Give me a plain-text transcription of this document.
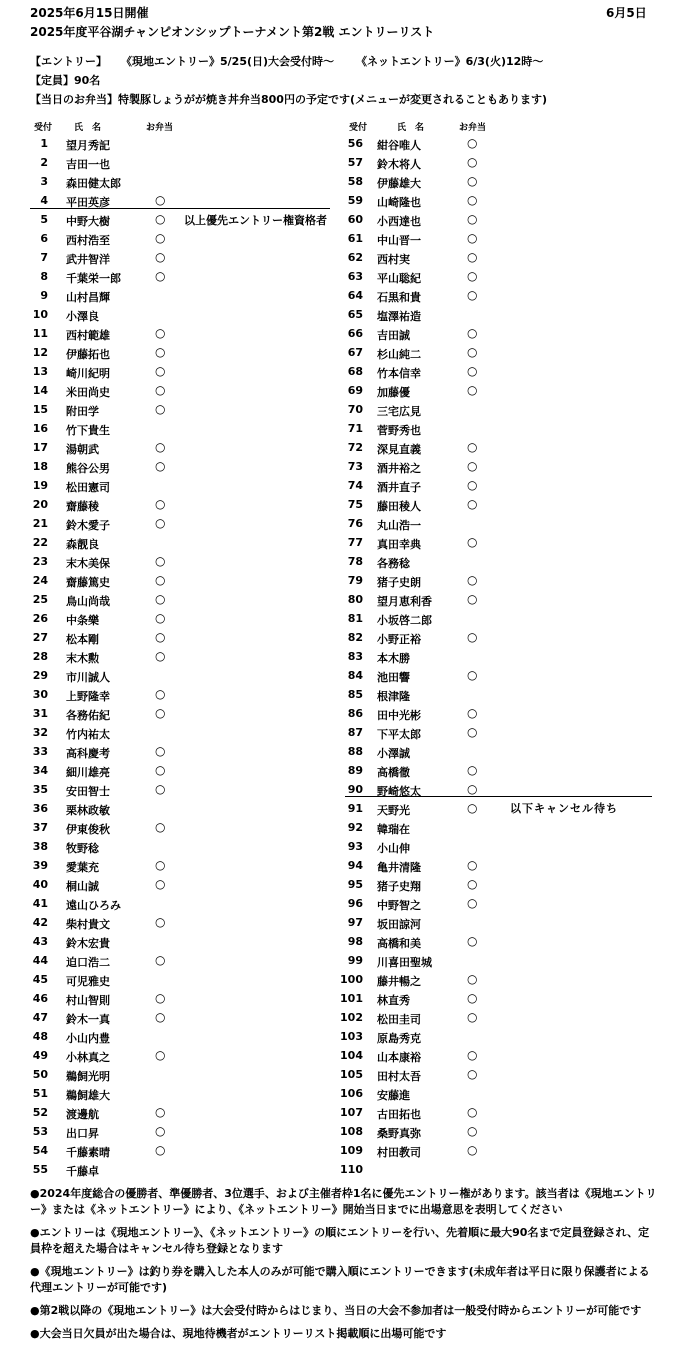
2025年6月15日開催	6月5日
2025年度平谷湖チャンピオンシップトーナメント第2戦 エントリーリスト
【エントリー】 《現地エントリー》5/25(日)大会受付時～ 《ネットエントリー》6/3(火)12時～
【定員】90名
【当日のお弁当】特製豚しょうがが焼き丼弁当800円の予定です(メニューが変更されることもあります)
受付 氏　名	お弁当	受付	氏　名	お弁当
1 望月秀記
2 吉田一也
3 森田健太郎
4 平田英彦	○
5 中野大樹	○
6 西村浩至	○
7 武井智洋	○
8 千葉栄一郎	○
9 山村昌輝
10 小澤良
11 西村範雄	○
12 伊藤拓也	○
13 崎川紀明	○
14 米田尚史	○
15 附田学	○
16 竹下貴生
17 湯朝武	○
18 熊谷公男	○
19 松田憲司
20 齋藤稜	○
21 鈴木愛子	○
22 森靓良
23 末木美保	○
24 齋藤篤史	○
25 鳥山尚哉	○
26 中条樂	○
27 松本剛	○
28 末木勲	○
29 市川誠人
30 上野隆幸	○
31 各務佑紀	○
32 竹内祐太
33 高科慶考	○
34 細川雄亮	○
35 安田智士	○
36 栗林政敏
37 伊東俊秋	○
38 牧野稔
39 愛葉充	○
40 桐山誠	○
41 遠山ひろみ
42 柴村貴文	○
43 鈴木宏貴
44 迫口浩二	○
45 可児雅史
46 村山智則	○
47 鈴木一真	○
48 小山内豊
49 小林真之	○
50 鵜飼光明
51 鵜飼雄大
52 渡邊航	○
53 出口昇	○
54 千藤素晴	○
55 千藤卓
56 紺谷唯人	○
57 鈴木将人	○
58 伊藤雄大	○
59 山崎隆也	○
60 小西達也	○
61 中山晋一	○
62 西村実	○
63 平山聡紀	○
64 石黒和貴	○
65 塩澤祐造
66 吉田誠	○
67 杉山純二	○
68 竹本信幸	○
69 加藤優	○
70 三宅広見
71 菅野秀也
72 深見直義	○
73 酒井裕之	○
74 酒井直子	○
75 藤田稜人	○
76 丸山浩一
77 真田幸典	○
78 各務稔
79 猪子史朗	○
80 望月恵利香	○
81 小坂啓二郎
82 小野正裕	○
83 本木勝
84 池田響	○
85 根津隆
86 田中光彬	○
87 下平太郎	○
88 小澤誠
89 高橋徹	○
90 野崎悠太	○
91 天野光	○
92 韓瑞在
93 小山伸
94 亀井清隆	○
95 猪子史翔	○
96 中野智之	○
97 坂田諒河
98 高橋和美	○
99 川喜田聖城
100 藤井暢之	○
101 林直秀	○
102 松田圭司	○
103 原島秀克
104 山本康裕	○
105 田村太吾	○
106 安藤進
107 古田拓也	○
108 桑野真弥	○
109 村田教司	○
110
以上優先エントリー権資格者
以下キャンセル待ち

●2024年度総合の優勝者、準優勝者、3位選手、および主催者枠1名に優先エントリー権があります。該当者は《現地エントリー》または《ネットエントリー》により、《ネットエントリー》開始当日までに出場意思を表明してください

●エントリーは《現地エントリー》、《ネットエントリー》の順にエントリーを行い、先着順に最大90名まで定員登録され、定員枠を超えた場合はキャンセル待ち登録となります

●《現地エントリー》は釣り券を購入した本人のみが可能で購入順にエントリーできます(未成年者は平日に限り保護者による代理エントリーが可能です)

●第2戦以降の《現地エントリー》は大会受付時からはじまり、当日の大会不参加者は一般受付時からエントリーが可能です

●大会当日欠員が出た場合は、現地待機者がエントリーリスト掲載順に出場可能です
